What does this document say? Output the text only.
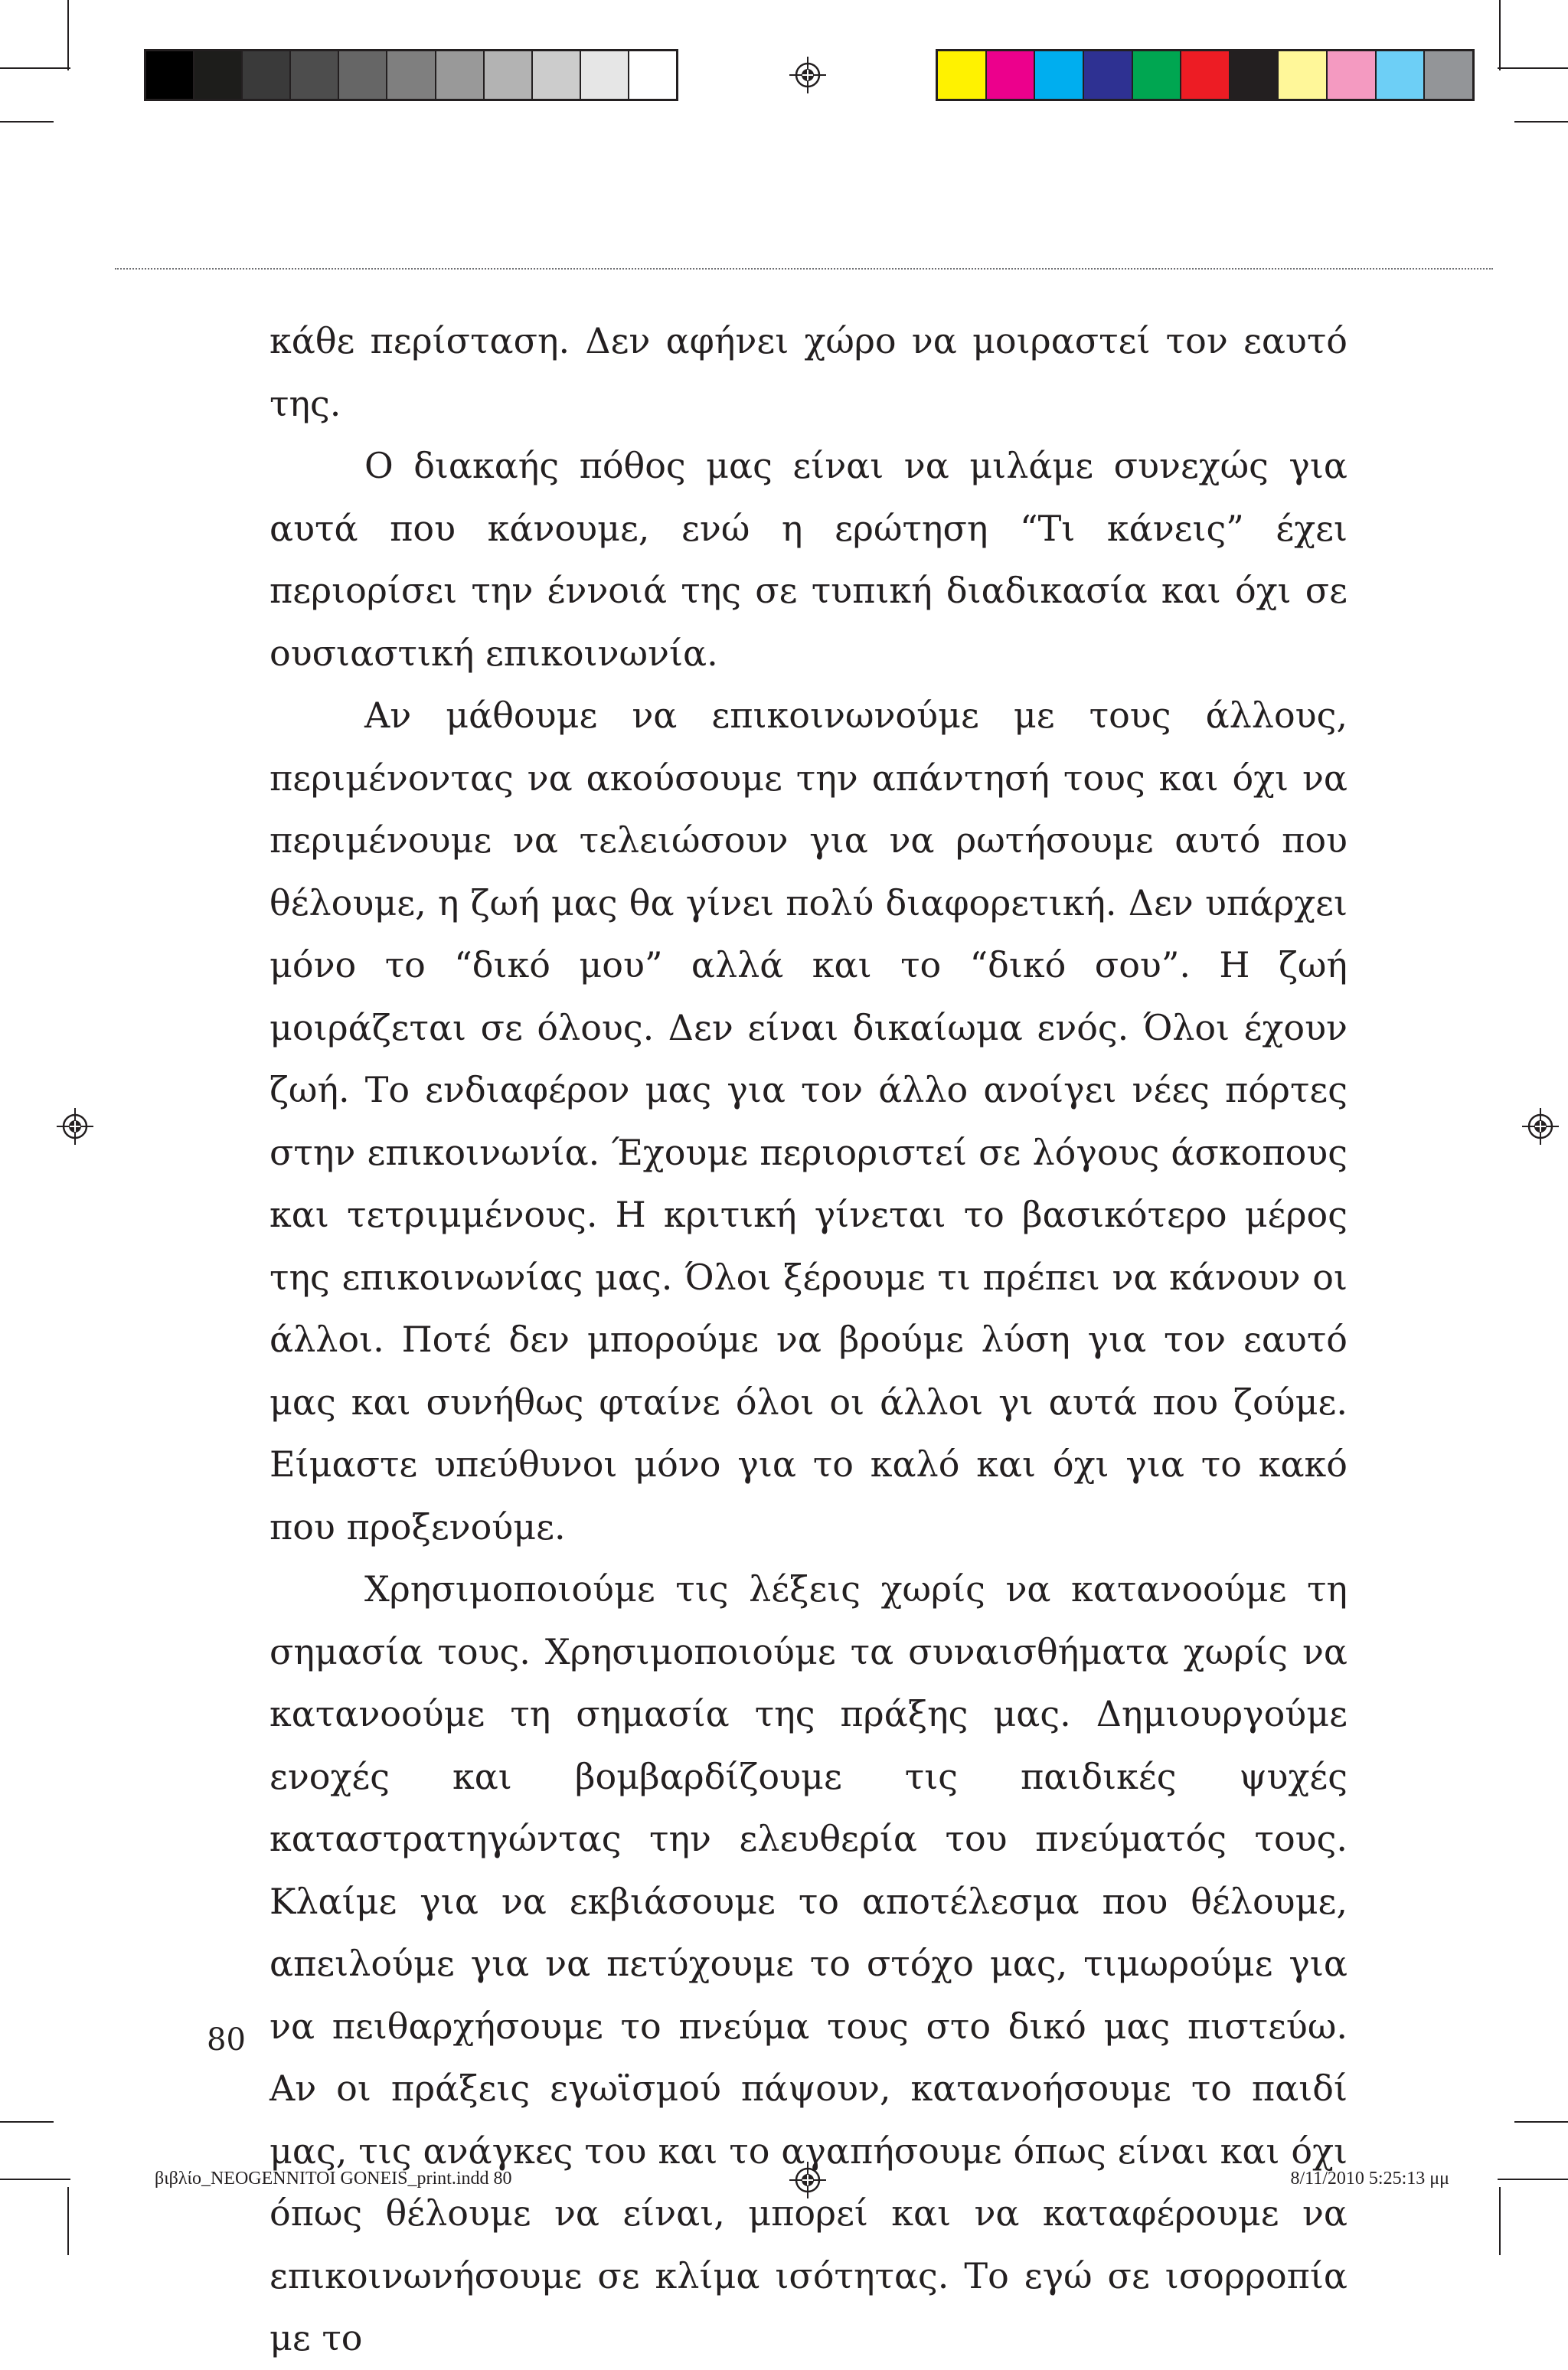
κάθε περίσταση. Δεν αφήνει χώρο να μοιραστεί τον εαυτό της.

Ο διακαής πόθος μας είναι να μιλάμε συνεχώς για αυτά που κάνουμε, ενώ η ερώτηση “Τι κάνεις” έχει περιορίσει την έννοιά της σε τυπική διαδικασία και όχι σε ουσιαστική επικοινωνία.

Αν μάθουμε να επικοινωνούμε με τους άλλους, περιμένοντας να ακούσουμε την απάντησή τους και όχι να περιμένουμε να τελειώσουν για να ρωτήσουμε αυτό που θέλουμε, η ζωή μας θα γίνει πολύ διαφορετική. Δεν υπάρχει μόνο το “δικό μου” αλλά και το “δικό σου”. Η ζωή μοιράζεται σε όλους. Δεν είναι δικαίωμα ενός. Όλοι έχουν ζωή. Το ενδιαφέρον μας για τον άλλο ανοίγει νέες πόρτες στην επικοινωνία. Έχουμε περιοριστεί σε λόγους άσκοπους και τετριμμένους. Η κριτική γίνεται το βασικότερο μέρος της επικοινωνίας μας. Όλοι ξέρουμε τι πρέπει να κάνουν οι άλλοι. Ποτέ δεν μπορούμε να βρούμε λύση για τον εαυτό μας και συνήθως φταίνε όλοι οι άλλοι γι αυτά που ζούμε. Είμαστε υπεύθυνοι μόνο για το καλό και όχι για το κακό που προξενούμε.

Χρησιμοποιούμε τις λέξεις χωρίς να κατανοούμε τη σημασία τους. Χρησιμοποιούμε τα συναισθήματα χωρίς να κατανοούμε τη σημασία της πράξης μας. Δημιουργούμε ενοχές και βομβαρδίζουμε τις παιδικές ψυχές καταστρατηγώντας την ελευθερία του πνεύματός τους. Κλαίμε για να εκβιάσουμε το αποτέλεσμα που θέλουμε, απειλούμε για να πετύχουμε το στόχο μας, τιμωρούμε για να πειθαρχήσουμε το πνεύμα τους στο δικό μας πιστεύω. Αν οι πράξεις εγωϊσμού πάψουν, κατανοήσουμε το παιδί μας, τις ανάγκες του και το αγαπήσουμε όπως είναι και όχι όπως θέλουμε να είναι, μπορεί και να καταφέρουμε να επικοινωνήσουμε σε κλίμα ισότητας. Το εγώ σε ισορροπία με το

80
βιβλίο_NEOGENNITOI GONEIS_print.indd 80	8/11/2010 5:25:13 μμ
